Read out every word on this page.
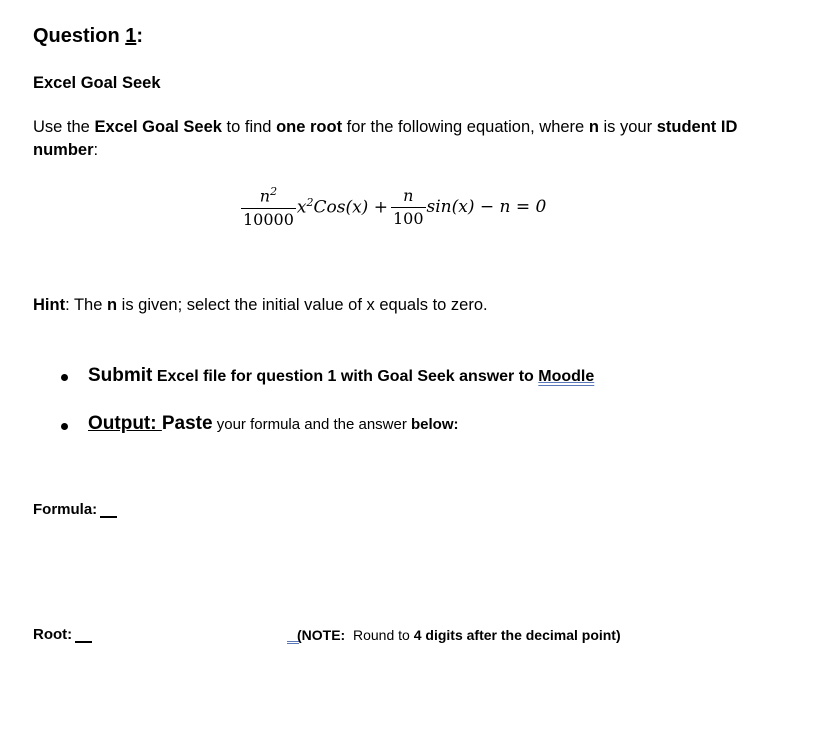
Question 1:
Excel Goal Seek
Use the Excel Goal Seek to find one root for the following equation, where n is your student ID number:
$\frac{n^2}{10000} x^2Cos(x) + \frac{n}{100} \sin(x) - n = 0$
Hint: The n is given; select the initial value of x equals to zero.
Submit Excel file for question 1 with Goal Seek answer to Moodle
Output: Paste your formula and the answer below:
Formula:
Root:	(NOTE:  Round to 4 digits after the decimal point)
